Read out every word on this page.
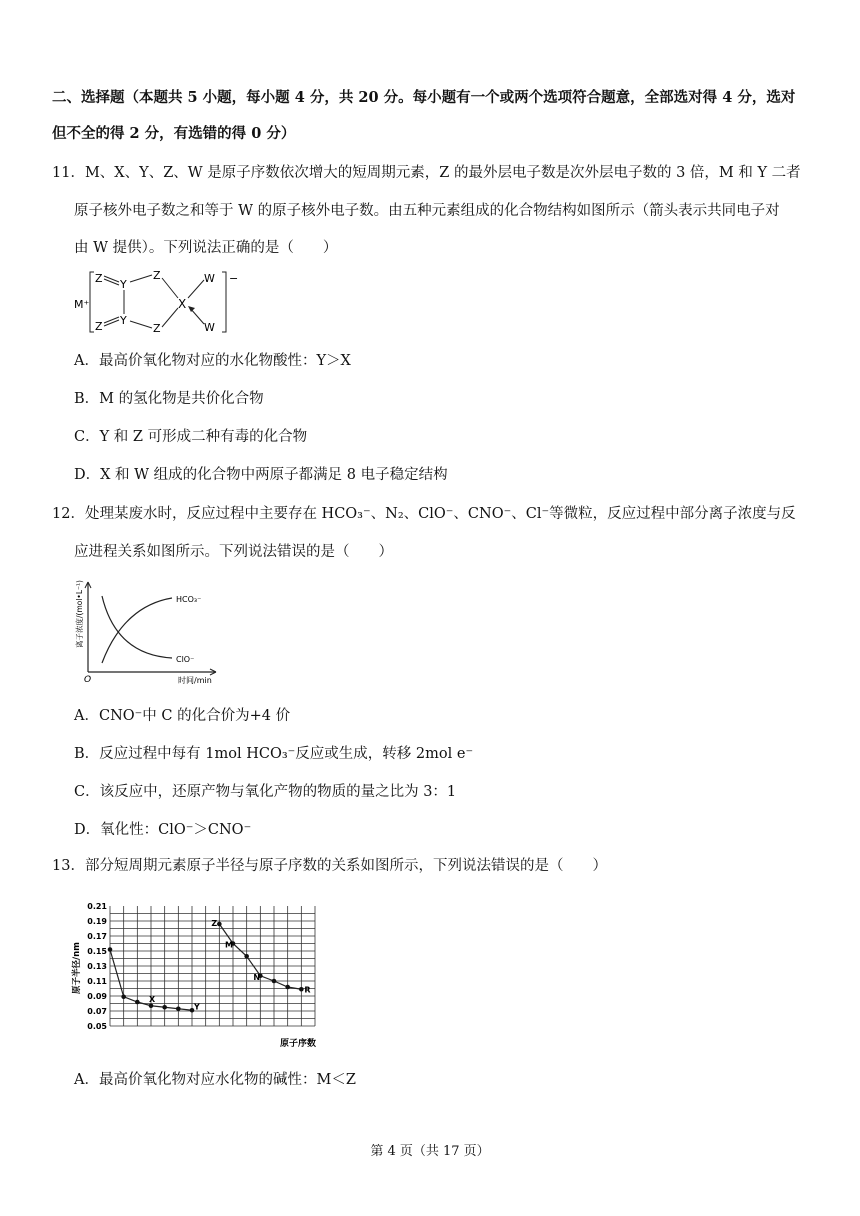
二、选择题（本题共 5 小题，每小题 4 分，共 20 分。每小题有一个或两个选项符合题意，全部选对得 4 分，选对
但不全的得 2 分，有选错的得 0 分）
11．M、X、Y、Z、W 是原子序数依次增大的短周期元素，Z 的最外层电子数是次外层电子数的 3 倍，M 和 Y 二者
原子核外电子数之和等于 W 的原子核外电子数。由五种元素组成的化合物结构如图所示（箭头表示共同电子对
由 W 提供）。下列说法正确的是（　　）
M⁺
−
Z Y
Z
Z Y
Z
X
W
W
A．最高价氧化物对应的水化物酸性：Y＞X
B．M 的氢化物是共价化合物
C．Y 和 Z 可形成二种有毒的化合物
D．X 和 W 组成的化合物中两原子都满足 8 电子稳定结构
12．处理某废水时，反应过程中主要存在 HCO₃⁻、N₂、ClO⁻、CNO⁻、Cl⁻等微粒，反应过程中部分离子浓度与反
应进程关系如图所示。下列说法错误的是（　　）
HCO₃⁻
ClO⁻
O	时间/min
离子浓度/(mol•L⁻¹)
A．CNO⁻中 C 的化合价为+4 价
B．反应过程中每有 1mol HCO₃⁻反应或生成，转移 2mol e⁻
C．该反应中，还原产物与氧化产物的物质的量之比为 3：1
D．氧化性：ClO⁻＞CNO⁻
13．部分短周期元素原子半径与原子序数的关系如图所示，下列说法错误的是（　　）
0.21
0.19
0.17
0.15
0.13
0.11
0.09
0.07
0.05
X
Y
Z
M
N
R
原子序数
原子半径/nm
A．最高价氧化物对应水化物的碱性：M＜Z
第 4 页（共 17 页）
